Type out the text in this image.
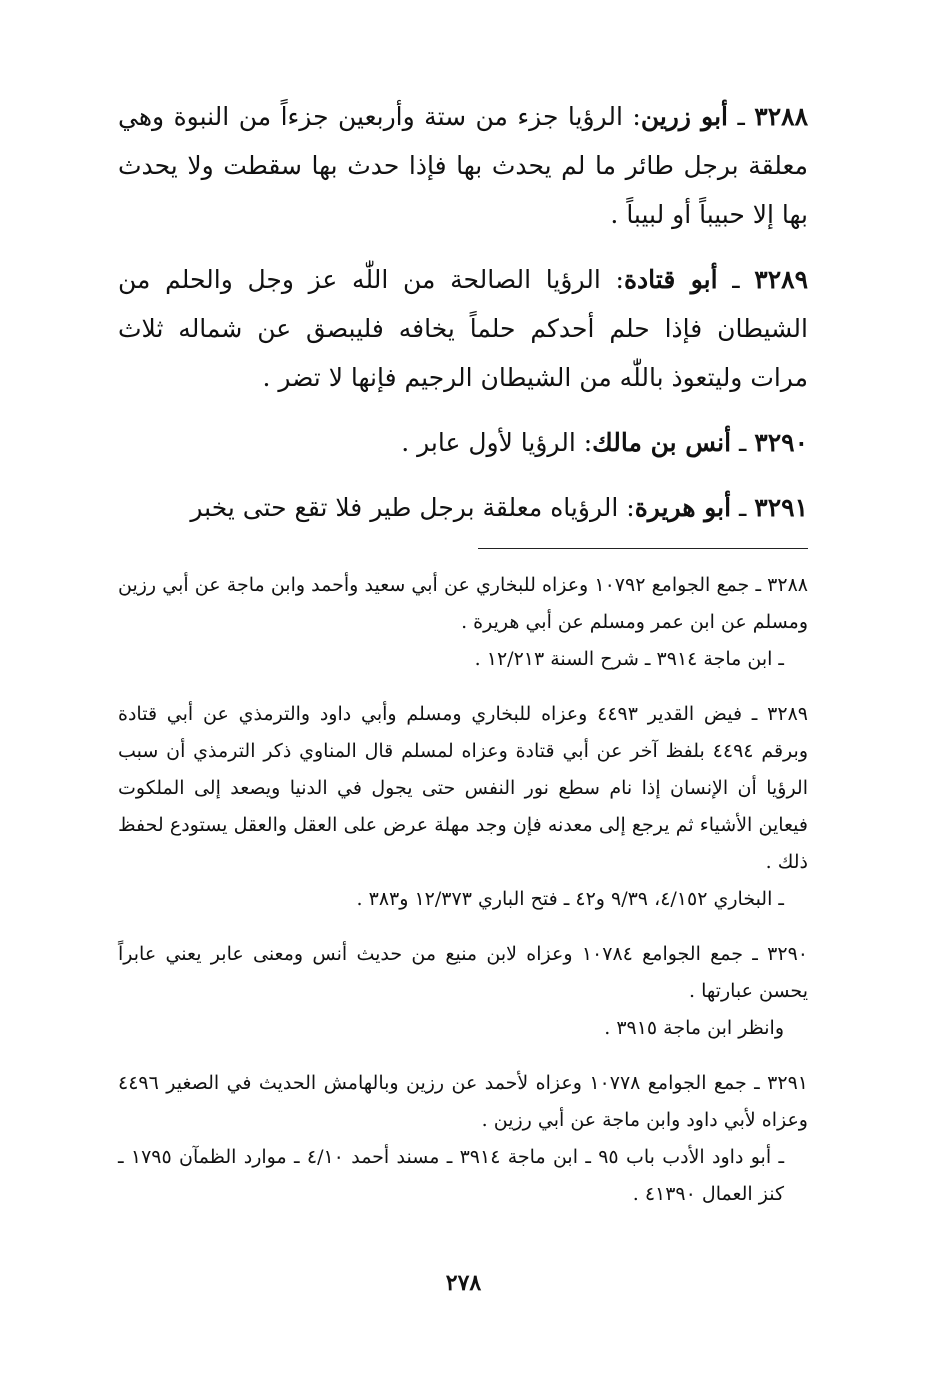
٣٢٨٨ ـ أبو زرين: الرؤيا جزء من ستة وأربعين جزءاً من النبوة وهي معلقة برجل طائر ما لم يحدث بها فإذا حدث بها سقطت ولا يحدث بها إلا حبيباً أو لبيباً .

٣٢٨٩ ـ أبو قتادة: الرؤيا الصالحة من اللّٰه عز وجل والحلم من الشيطان فإذا حلم أحدكم حلماً يخافه فليبصق عن شماله ثلاث مرات وليتعوذ باللّٰه من الشيطان الرجيم فإنها لا تضر .

٣٢٩٠ ـ أنس بن مالك: الرؤيا لأول عابر .

٣٢٩١ ـ أبو هريرة: الرؤياه معلقة برجل طير فلا تقع حتى يخبر

٣٢٨٨ ـ جمع الجوامع ١٠٧٩٢ وعزاه للبخاري عن أبي سعيد وأحمد وابن ماجة عن أبي رزين ومسلم عن ابن عمر ومسلم عن أبي هريرة .
ـ ابن ماجة ٣٩١٤ ـ شرح السنة ١٢/٢١٣ .
٣٢٨٩ ـ فيض القدير ٤٤٩٣ وعزاه للبخاري ومسلم وأبي داود والترمذي عن أبي قتادة وبرقم ٤٤٩٤ بلفظ آخر عن أبي قتادة وعزاه لمسلم قال المناوي ذكر الترمذي أن سبب الرؤيا أن الإنسان إذا نام سطع نور النفس حتى يجول في الدنيا ويصعد إلى الملكوت فيعاين الأشياء ثم يرجع إلى معدنه فإن وجد مهلة عرض على العقل والعقل يستودع لحفظ ذلك .
ـ البخاري ٤/١٥٢، ٩/٣٩ و٤٢ ـ فتح الباري ١٢/٣٧٣ و٣٨٣ .
٣٢٩٠ ـ جمع الجوامع ١٠٧٨٤ وعزاه لابن منيع من حديث أنس ومعنى عابر يعني عابراً يحسن عبارتها .
وانظر ابن ماجة ٣٩١٥ .
٣٢٩١ ـ جمع الجوامع ١٠٧٧٨ وعزاه لأحمد عن رزين وبالهامش الحديث في الصغير ٤٤٩٦ وعزاه لأبي داود وابن ماجة عن أبي رزين .
ـ أبو داود الأدب باب ٩٥ ـ ابن ماجة ٣٩١٤ ـ مسند أحمد ٤/١٠ ـ موارد الظمآن ١٧٩٥ ـ كنز العمال ٤١٣٩٠ .
٢٧٨
